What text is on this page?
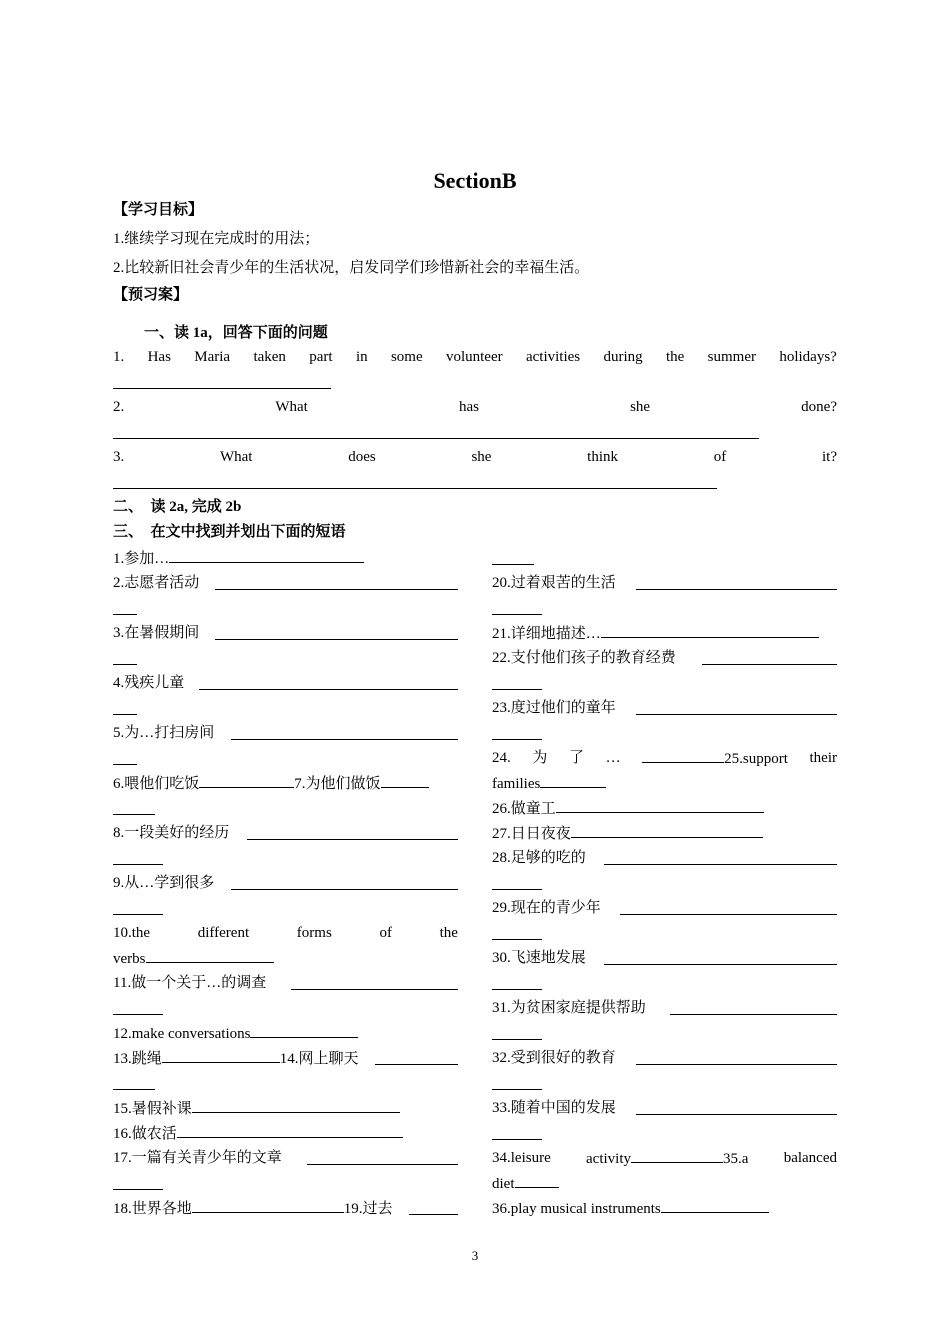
SectionB
【学习目标】
1.继续学习现在完成时的用法；
2.比较新旧社会青少年的生活状况，启发同学们珍惜新社会的幸福生活。
【预习案】
一、读 1a，回答下面的问题
1. Has Maria taken part in some volunteer activities during the summer holidays?
2.	What	has	she	done?
3.	What	does	she	think	of	it?
二、　读 2a, 完成 2b
三、　在文中找到并划出下面的短语
1.参加…
2.志愿者活动
3.在暑假期间
4.残疾儿童
5.为…打扫房间
6.喂他们吃饭	7.为他们做饭
8.一段美好的经历
9.从…学到很多
10.the	different	forms	of	the
verbs
11.做一个关于…的调查
12.make conversations
13.跳绳	14.网上聊天
15.暑假补课
16.做农活
17.一篇有关青少年的文章
18.世界各地	19.过去
20.过着艰苦的生活
21.详细地描述…
22.支付他们孩子的教育经费
23.度过他们的童年
24. 为 了 …	25.support their
families
26.做童工
27.日日夜夜
28.足够的吃的
29.现在的青少年
30.飞速地发展
31.为贫困家庭提供帮助
32.受到很好的教育
33.随着中国的发展
34.leisure activity	35.a balanced
diet
36.play musical instruments
3
